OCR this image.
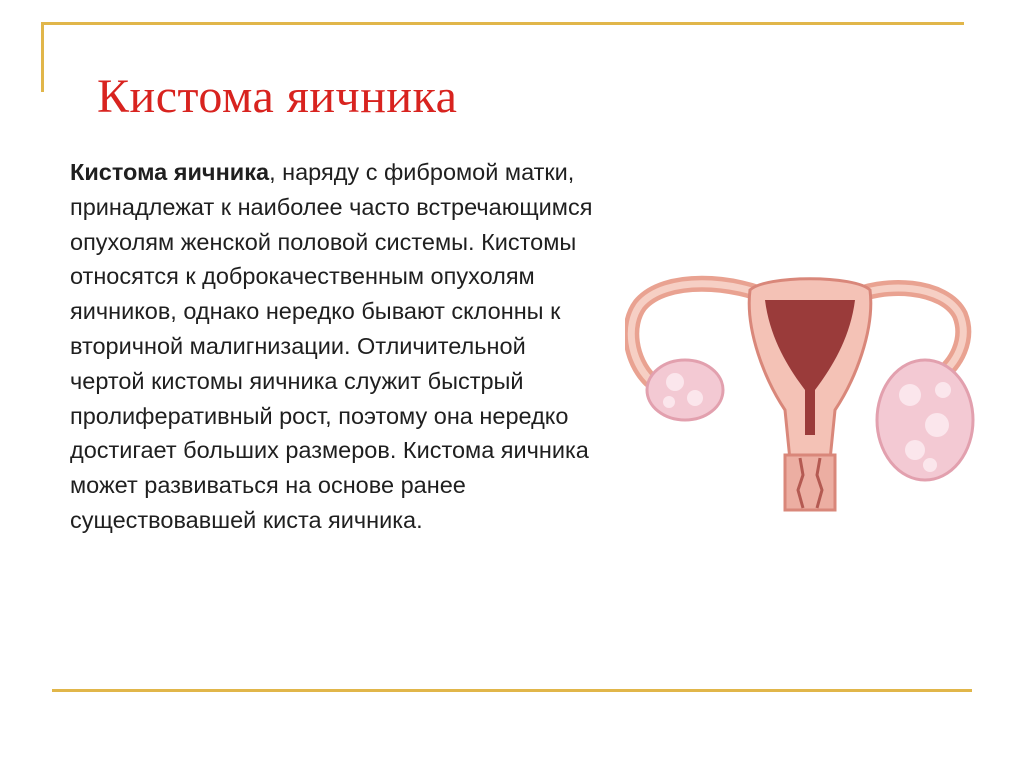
Кистома яичника

Кистома яичника, наряду с фибромой матки, принадлежат к наиболее часто встречающимся опухолям женской половой системы. Кистомы относятся к доброкачественным опухолям яичников, однако нередко бывают склонны к вторичной малигнизации. Отличительной чертой кистомы яичника служит быстрый пролиферативный рост, поэтому она нередко достигает больших размеров. Кистома яичника может развиваться на основе ранее существовавшей киста яичника.
